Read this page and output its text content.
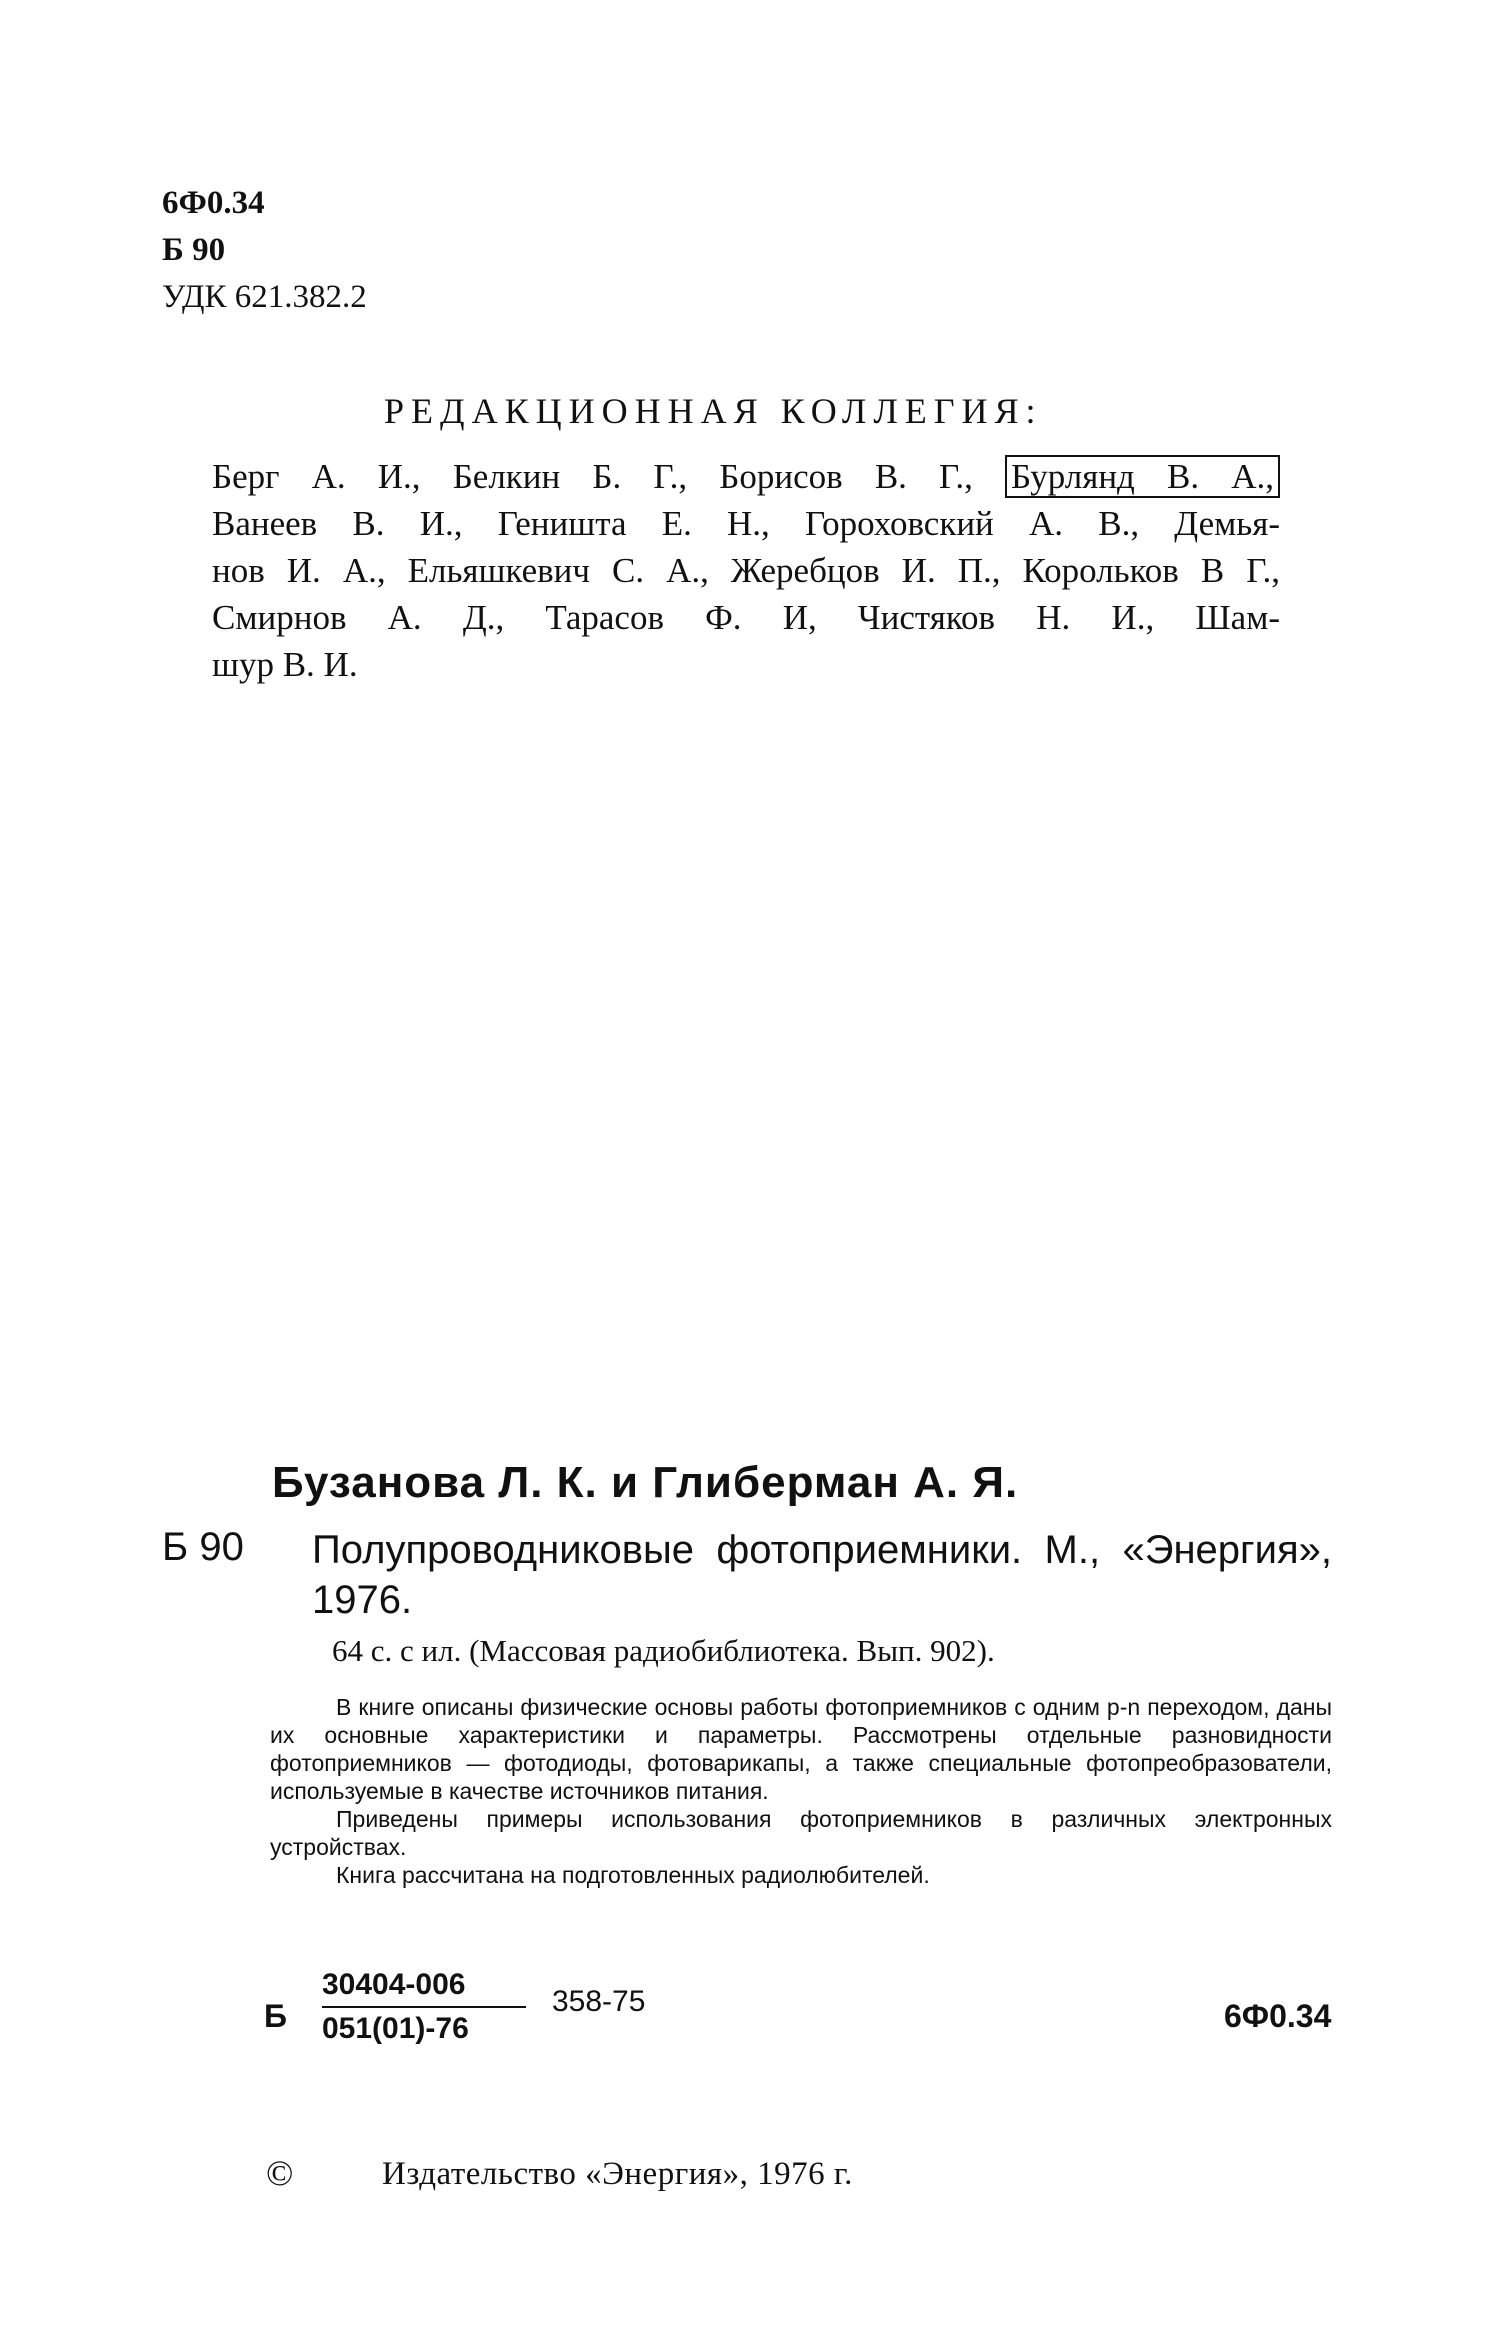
6Ф0.34
Б 90
УДК 621.382.2
РЕДАКЦИОННАЯ КОЛЛЕГИЯ:
Берг А. И., Белкин Б. Г., Борисов В. Г., Бурлянд В. А.,
Ванеев В. И., Геништа Е. Н., Гороховский А. В., Демья-
нов И. А., Ельяшкевич С. А., Жеребцов И. П., Корольков В Г.,
Смирнов А. Д., Тарасов Ф. И, Чистяков Н. И., Шам-
шур В. И.
Бузанова Л. К. и Глиберман А. Я.
Б 90 Полупроводниковые фотоприемники. М., «Энергия», 1976.
64 с. с ил. (Массовая радиобиблиотека. Вып. 902).

В книге описаны физические основы работы фотоприемников с одним p-n переходом, даны их основные характеристики и параметры. Рассмотрены отдельные разновидности фотоприемников — фотодиоды, фотоварикапы, а также специальные фотопреобразователи, используемые в качестве источников питания.

Приведены примеры использования фотоприемников в различных электронных устройствах.

Книга рассчитана на подготовленных радиолюбителей.

Б $\frac{30404-006}{051(01)-76} 358-75$	6Ф0.34
©	Издательство «Энергия», 1976 г.
